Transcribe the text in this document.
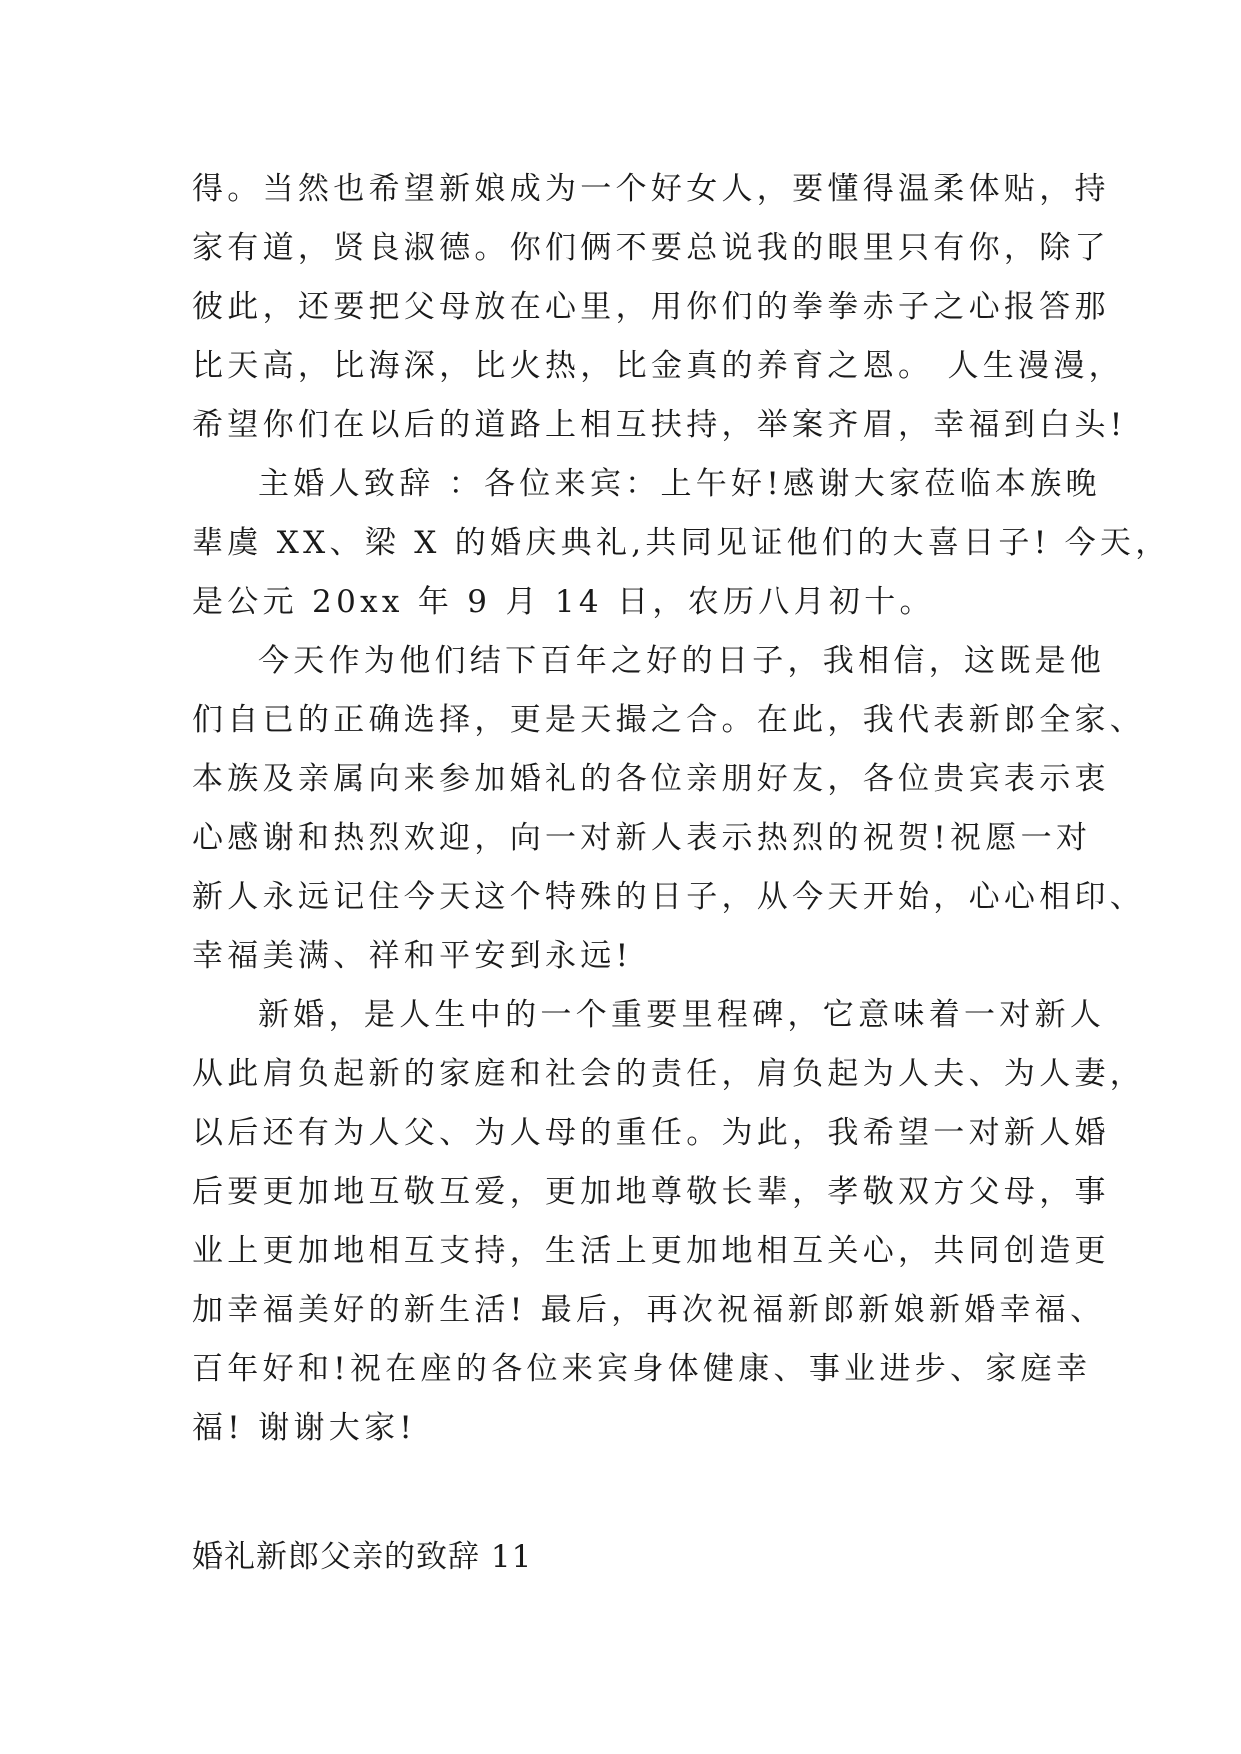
得。当然也希望新娘成为一个好女人，要懂得温柔体贴，持
家有道，贤良淑德。你们俩不要总说我的眼里只有你，除了
彼此，还要把父母放在心里，用你们的拳拳赤子之心报答那
比天高，比海深，比火热，比金真的养育之恩。 人生漫漫，
希望你们在以后的道路上相互扶持，举案齐眉，幸福到白头!
主婚人致辞 ：各位来宾：上午好!感谢大家莅临本族晚
辈虞 XX、梁 X 的婚庆典礼,共同见证他们的大喜日子! 今天，
是公元 20xx 年 9 月 14 日，农历八月初十。
今天作为他们结下百年之好的日子，我相信，这既是他
们自已的正确选择，更是天撮之合。在此，我代表新郎全家、
本族及亲属向来参加婚礼的各位亲朋好友，各位贵宾表示衷
心感谢和热烈欢迎，向一对新人表示热烈的祝贺!祝愿一对
新人永远记住今天这个特殊的日子，从今天开始，心心相印、
幸福美满、祥和平安到永远!
新婚，是人生中的一个重要里程碑，它意味着一对新人
从此肩负起新的家庭和社会的责任，肩负起为人夫、为人妻，
以后还有为人父、为人母的重任。为此，我希望一对新人婚
后要更加地互敬互爱，更加地尊敬长辈，孝敬双方父母，事
业上更加地相互支持，生活上更加地相互关心，共同创造更
加幸福美好的新生活! 最后，再次祝福新郎新娘新婚幸福、
百年好和!祝在座的各位来宾身体健康、事业进步、家庭幸
福! 谢谢大家!
婚礼新郎父亲的致辞 11
